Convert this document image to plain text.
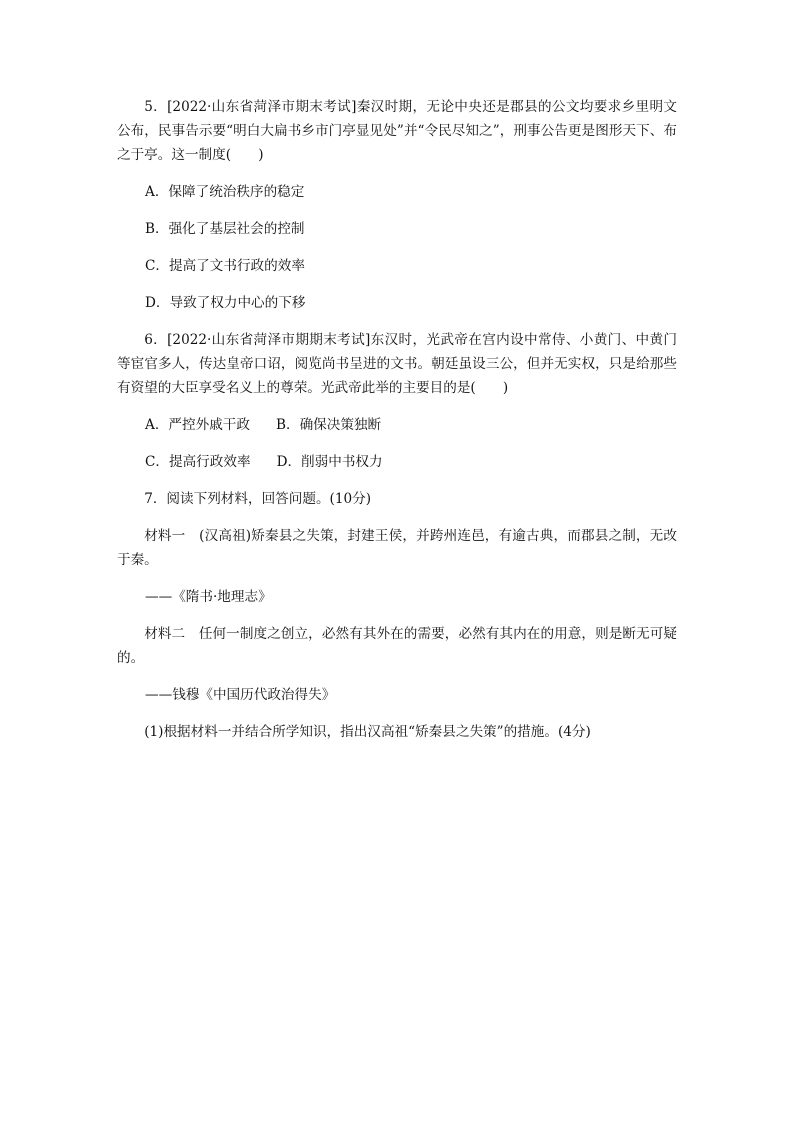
5．[2022·山东省菏泽市期末考试]秦汉时期，无论中央还是郡县的公文均要求乡里明文公布，民事告示要“明白大扁书乡市门亭显见处”并“令民尽知之”，刑事公告更是图形天下、布之于亭。这一制度(　　)

A．保障了统治秩序的稳定

B．强化了基层社会的控制

C．提高了文书行政的效率

D．导致了权力中心的下移

6．[2022·山东省菏泽市期期末考试]东汉时，光武帝在宫内设中常侍、小黄门、中黄门等宦官多人，传达皇帝口诏，阅览尚书呈进的文书。朝廷虽设三公，但并无实权，只是给那些有资望的大臣享受名义上的尊荣。光武帝此举的主要目的是(　　)

A．严控外戚干政 B．确保决策独断

C．提高行政效率 D．削弱中书权力

7．阅读下列材料，回答问题。(10分)

材料一　(汉高祖)矫秦县之失策，封建王侯，并跨州连邑，有逾古典，而郡县之制，无改于秦。

——《隋书·地理志》

材料二　任何一制度之创立，必然有其外在的需要，必然有其内在的用意，则是断无可疑的。

——钱穆《中国历代政治得失》

(1)根据材料一并结合所学知识，指出汉高祖“矫秦县之失策”的措施。(4分)
